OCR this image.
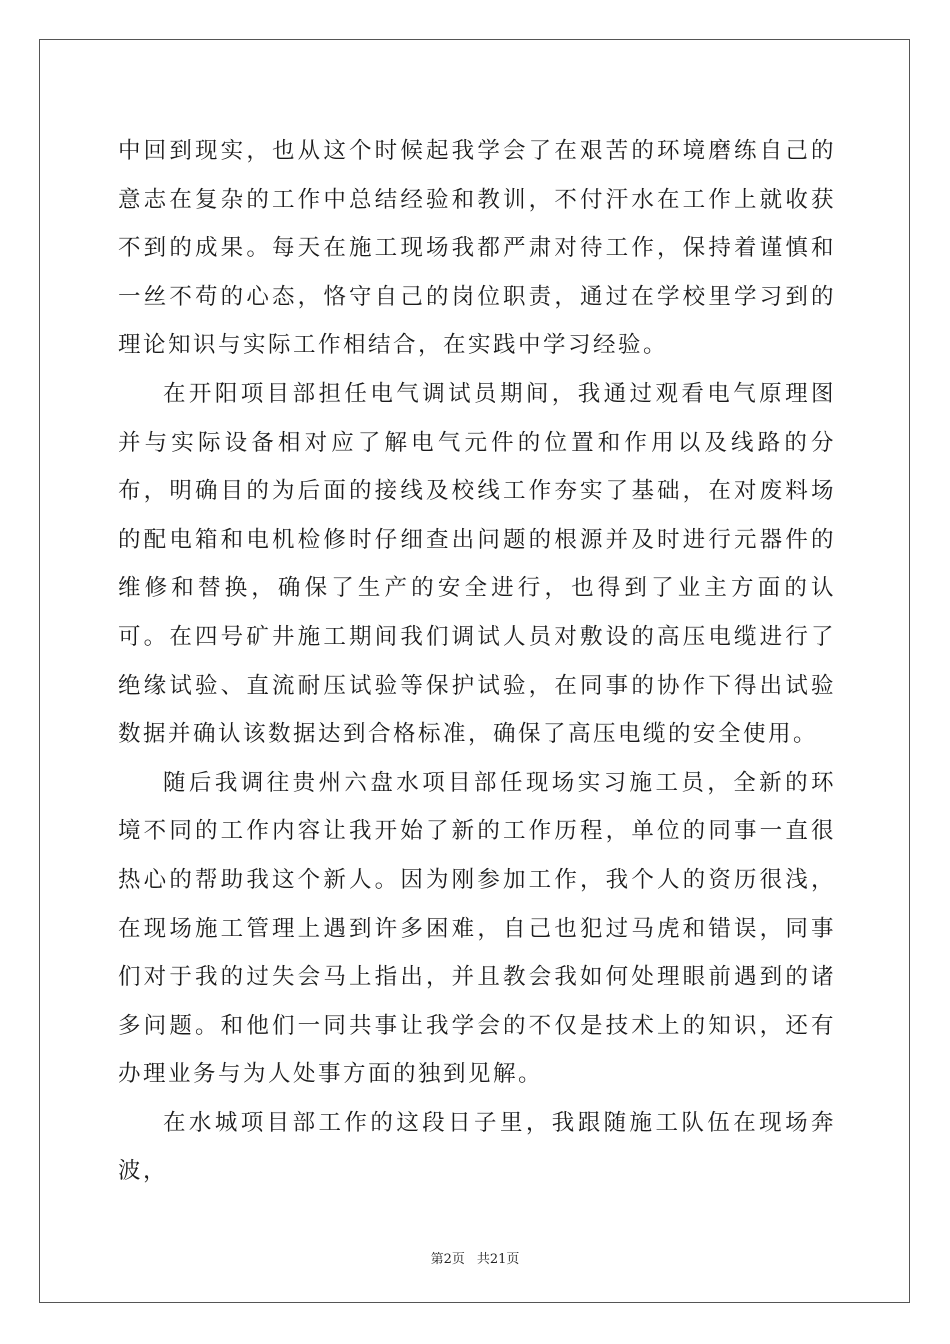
中回到现实，也从这个时候起我学会了在艰苦的环境磨练自己的意志在复杂的工作中总结经验和教训，不付汗水在工作上就收获不到的成果。每天在施工现场我都严肃对待工作，保持着谨慎和一丝不苟的心态，恪守自己的岗位职责，通过在学校里学习到的理论知识与实际工作相结合，在实践中学习经验。

在开阳项目部担任电气调试员期间，我通过观看电气原理图并与实际设备相对应了解电气元件的位置和作用以及线路的分布，明确目的为后面的接线及校线工作夯实了基础，在对废料场的配电箱和电机检修时仔细查出问题的根源并及时进行元器件的维修和替换，确保了生产的安全进行，也得到了业主方面的认可。在四号矿井施工期间我们调试人员对敷设的高压电缆进行了绝缘试验、直流耐压试验等保护试验，在同事的协作下得出试验数据并确认该数据达到合格标准，确保了高压电缆的安全使用。

随后我调往贵州六盘水项目部任现场实习施工员，全新的环境不同的工作内容让我开始了新的工作历程，单位的同事一直很热心的帮助我这个新人。因为刚参加工作，我个人的资历很浅，在现场施工管理上遇到许多困难，自己也犯过马虎和错误，同事们对于我的过失会马上指出，并且教会我如何处理眼前遇到的诸多问题。和他们一同共事让我学会的不仅是技术上的知识，还有办理业务与为人处事方面的独到见解。

在水城项目部工作的这段日子里，我跟随施工队伍在现场奔波，

第2页 共21页
